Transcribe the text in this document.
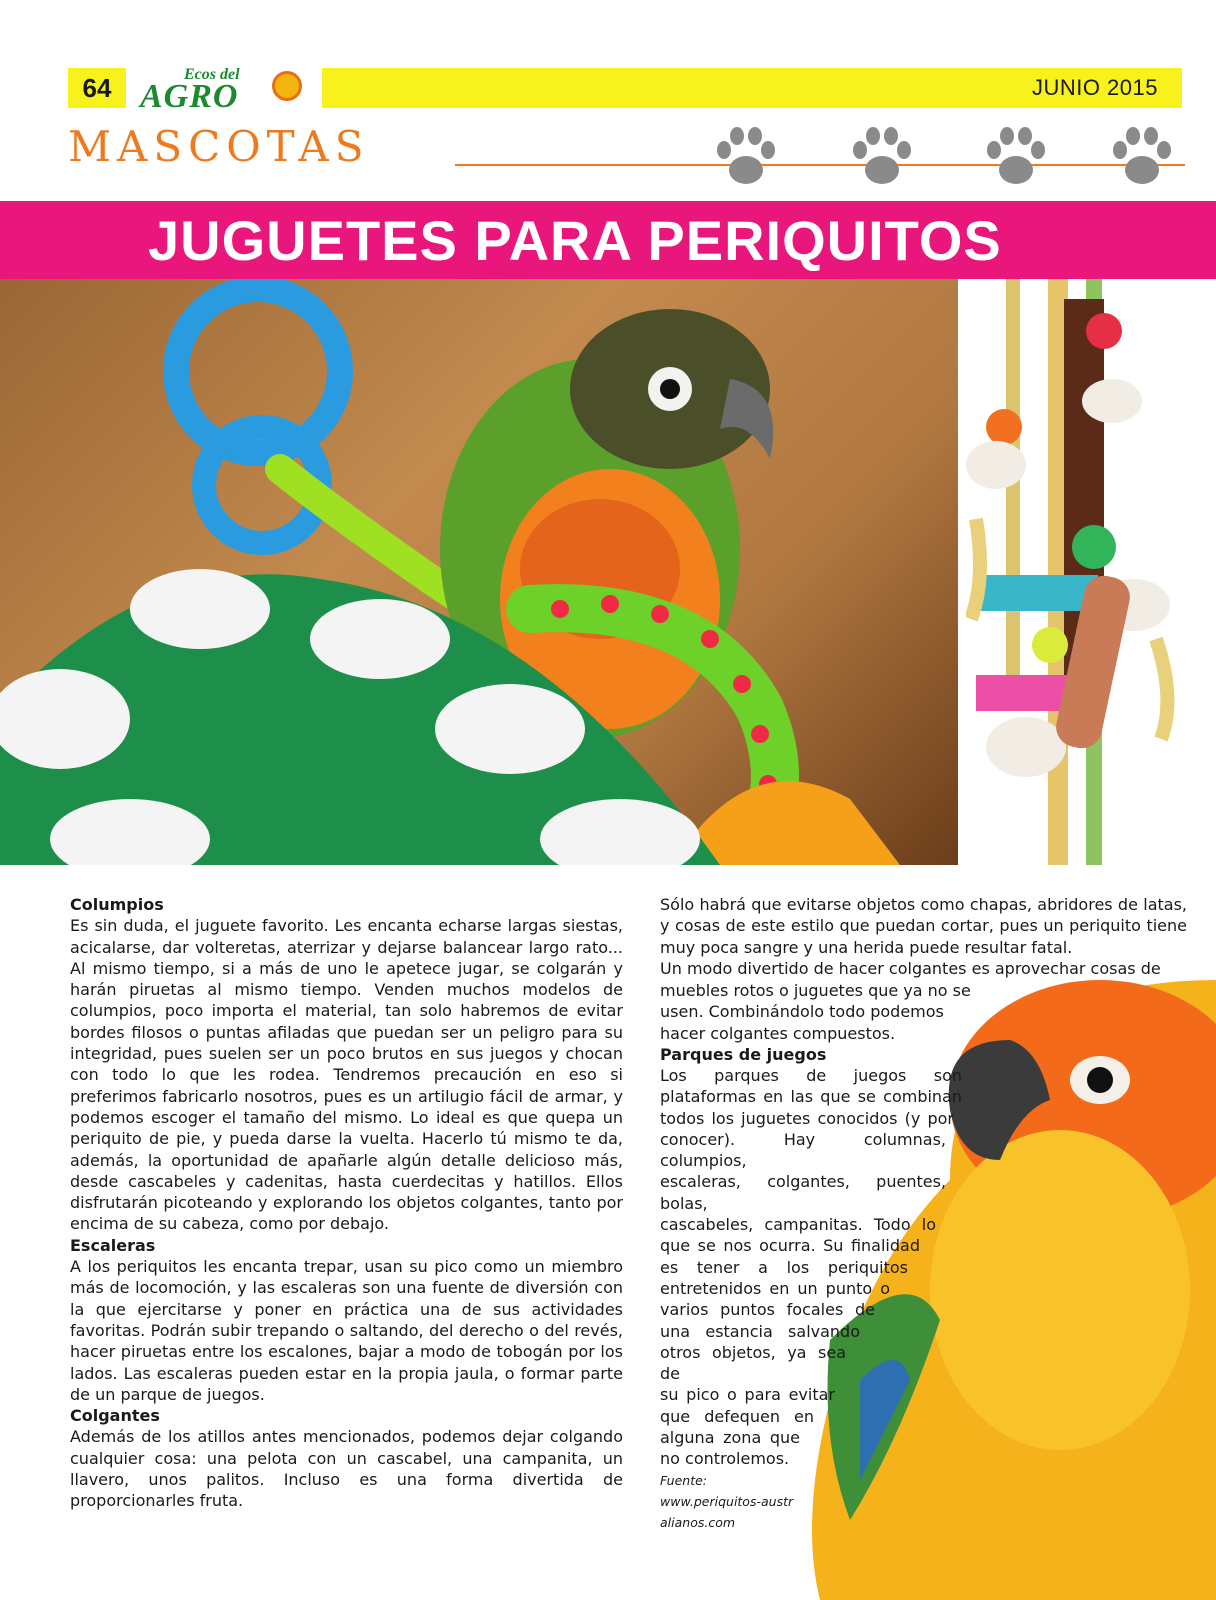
64	Ecos del
AGRO	JUNIO 2015
MASCOTAS
JUGUETES PARA PERIQUITOS

Columpios

Es sin duda, el juguete favorito. Les encanta echarse largas siestas, acicalarse, dar volteretas, aterrizar y dejarse balancear largo rato... Al mismo tiempo, si a más de uno le apetece jugar, se colgarán y harán piruetas al mismo tiempo. Venden muchos modelos de columpios, poco importa el material, tan solo habremos de evitar bordes filosos o puntas afiladas que puedan ser un peligro para su integridad, pues suelen ser un poco brutos en sus juegos y chocan con todo lo que les rodea. Tendremos precaución en eso si preferimos fabricarlo nosotros, pues es un artilugio fácil de armar, y podemos escoger el tamaño del mismo. Lo ideal es que quepa un periquito de pie, y pueda darse la vuelta. Hacerlo tú mismo te da, además, la oportunidad de apañarle algún detalle delicioso más, desde cascabeles y cadenitas, hasta cuerdecitas y hatillos. Ellos disfrutarán picoteando y explorando los objetos colgantes, tanto por encima de su cabeza, como por debajo.

Escaleras

A los periquitos les encanta trepar, usan su pico como un miembro más de locomoción, y las escaleras son una fuente de diversión con la que ejercitarse y poner en práctica una de sus actividades favoritas. Podrán subir trepando o saltando, del derecho o del revés, hacer piruetas entre los escalones, bajar a modo de tobogán por los lados. Las escaleras pueden estar en la propia jaula, o formar parte de un parque de juegos.

Colgantes

Además de los atillos antes mencionados, podemos dejar colgando cualquier cosa: una pelota con un cascabel, una campanita, un llavero, unos palitos. Incluso es una forma divertida de proporcionarles fruta.

Sólo habrá que evitarse objetos como chapas, abridores de latas, y cosas de este estilo que puedan cortar, pues un periquito tiene muy poca sangre y una herida puede resultar fatal.

Un modo divertido de hacer colgantes es aprovechar cosas de

muebles rotos o juguetes que ya no se

usen. Combinándolo todo podemos

hacer colgantes compuestos.

Parques de juegos

Los parques de juegos son
plataformas en las que se combinan
todos los juguetes conocidos (y por
conocer). Hay columnas, columpios,
escaleras, colgantes, puentes, bolas,
cascabeles, campanitas. Todo lo
que se nos ocurra. Su finalidad
es tener a los periquitos
entretenidos en un punto o
varios puntos focales de
una estancia salvando
otros objetos, ya sea de
su pico o para evitar
que defequen en
alguna zona que
no controlemos.
Fuente:
www.periquitos-austr
alianos.com
